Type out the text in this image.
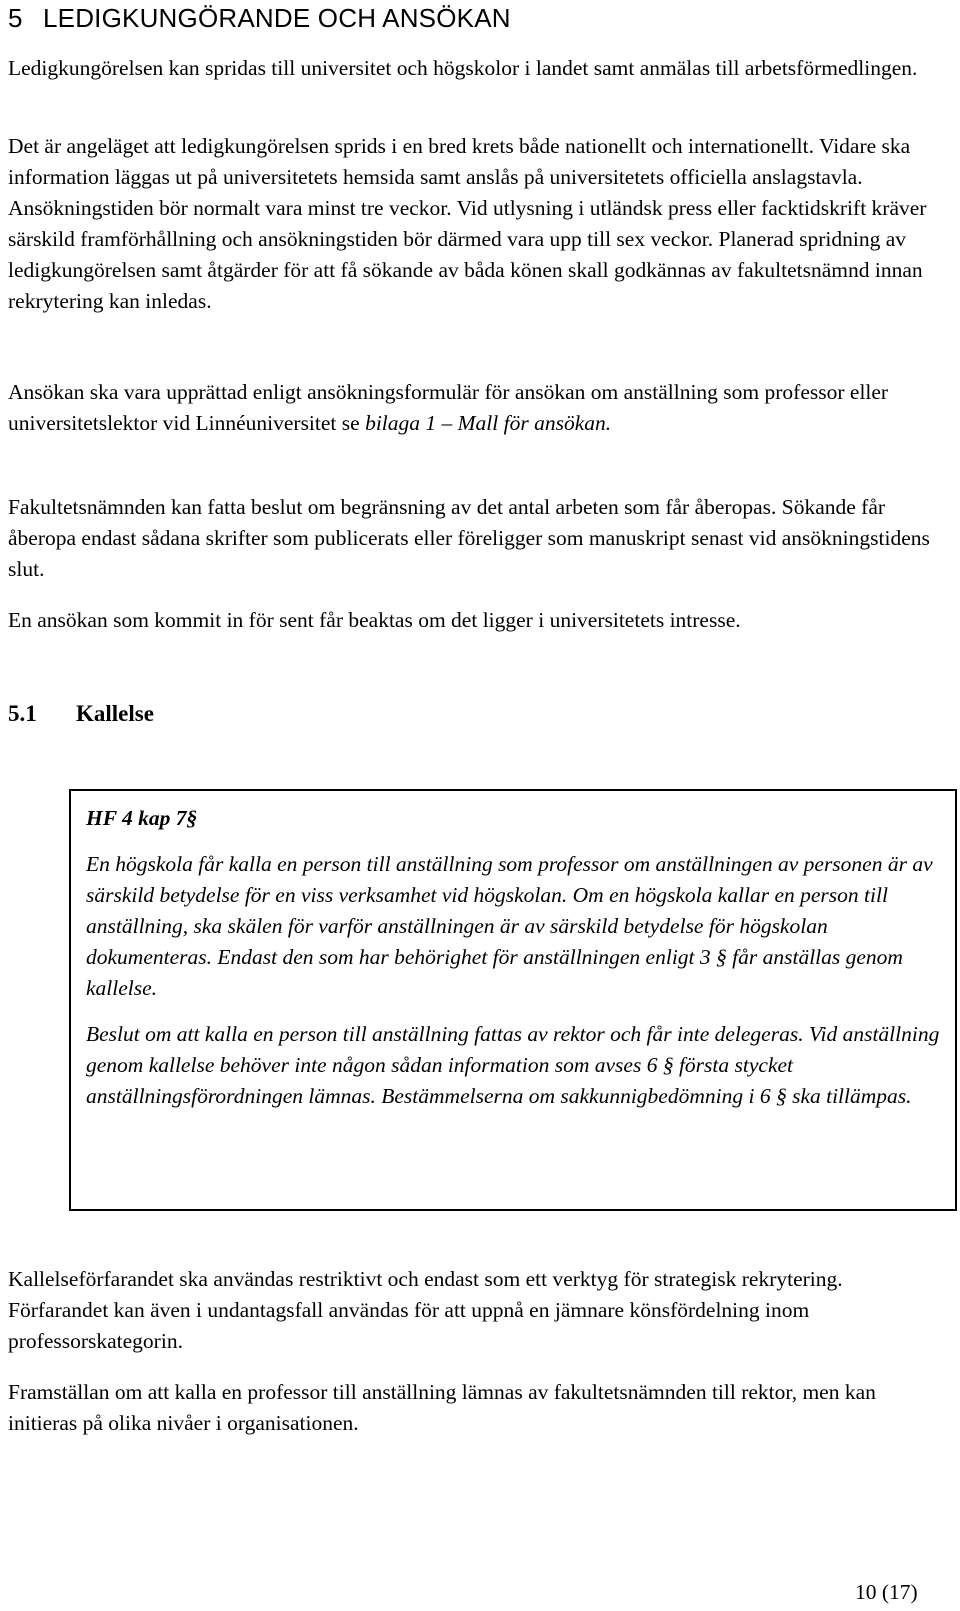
5 LEDIGKUNGÖRANDE OCH ANSÖKAN

Ledigkungörelsen kan spridas till universitet och högskolor i landet samt anmälas till arbetsförmedlingen.

Det är angeläget att ledigkungörelsen sprids i en bred krets både nationellt och internationellt. Vidare ska information läggas ut på universitetets hemsida samt anslås på universitetets officiella anslagstavla. Ansökningstiden bör normalt vara minst tre veckor. Vid utlysning i utländsk press eller facktidskrift kräver särskild framförhållning och ansökningstiden bör därmed vara upp till sex veckor. Planerad spridning av ledigkungörelsen samt åtgärder för att få sökande av båda könen skall godkännas av fakultetsnämnd innan rekrytering kan inledas.

Ansökan ska vara upprättad enligt ansökningsformulär för ansökan om anställning som professor eller universitetslektor vid Linnéuniversitet se bilaga 1 – Mall för ansökan.

Fakultetsnämnden kan fatta beslut om begränsning av det antal arbeten som får åberopas. Sökande får åberopa endast sådana skrifter som publicerats eller föreligger som manuskript senast vid ansökningstidens slut.

En ansökan som kommit in för sent får beaktas om det ligger i universitetets intresse.

5.1 Kallelse

HF 4 kap 7§

En högskola får kalla en person till anställning som professor om anställningen av personen är av särskild betydelse för en viss verksamhet vid högskolan. Om en högskola kallar en person till anställning, ska skälen för varför anställningen är av särskild betydelse för högskolan dokumenteras. Endast den som har behörighet för anställningen enligt 3 § får anställas genom kallelse.

Beslut om att kalla en person till anställning fattas av rektor och får inte delegeras. Vid anställning genom kallelse behöver inte någon sådan information som avses 6 § första stycket anställningsförordningen lämnas. Bestämmelserna om sakkunnigbedömning i 6 § ska tillämpas.

Kallelseförfarandet ska användas restriktivt och endast som ett verktyg för strategisk rekrytering. Förfarandet kan även i undantagsfall användas för att uppnå en jämnare könsfördelning inom professorskategorin.

Framställan om att kalla en professor till anställning lämnas av fakultetsnämnden till rektor, men kan initieras på olika nivåer i organisationen.

10 (17)
